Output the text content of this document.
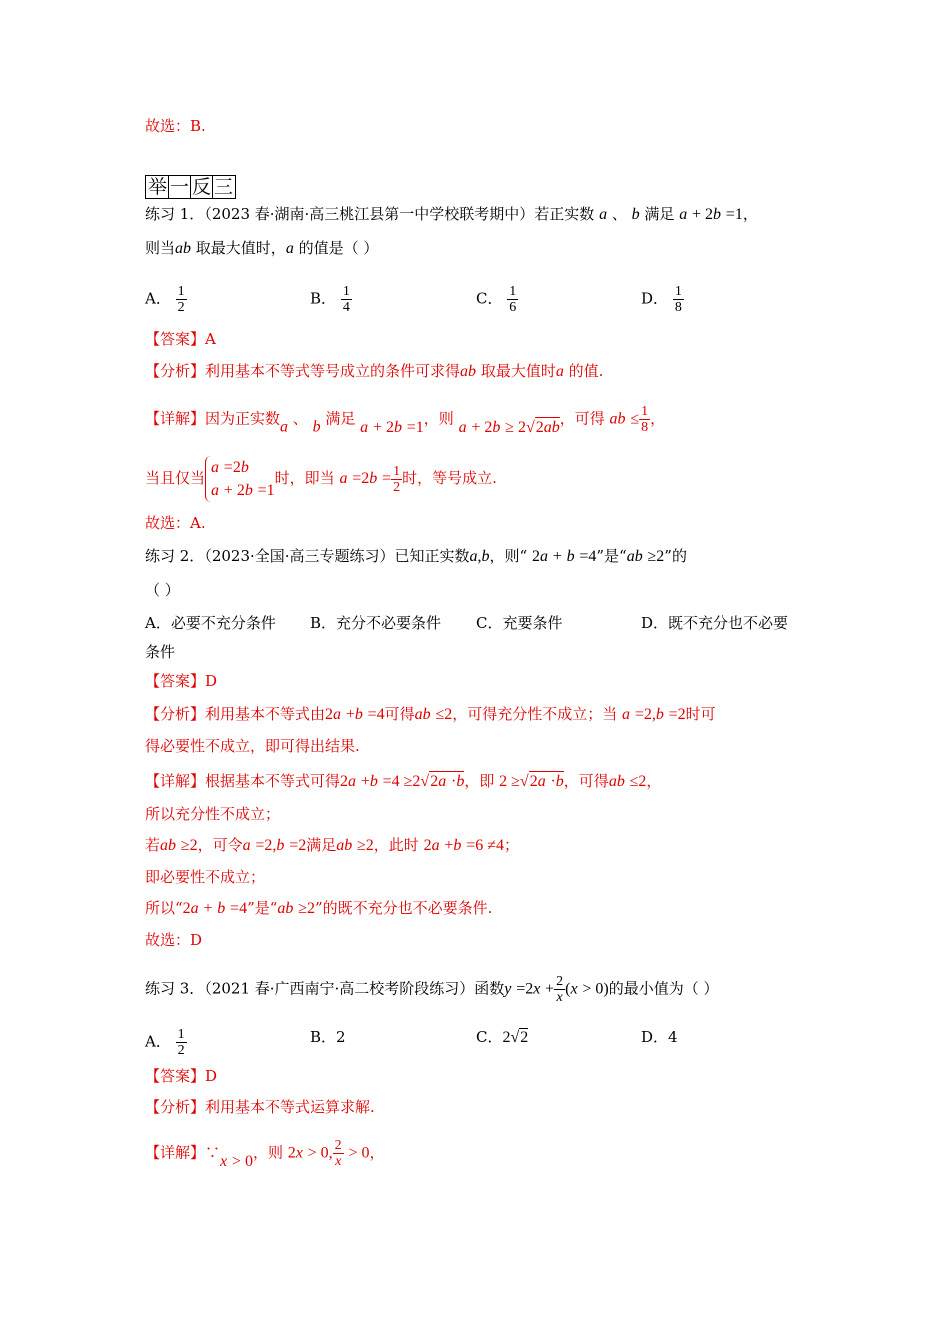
故选：B.
举 一 反 三
练习 1．（2023 春·湖南·高三桃江县第一中学校联考期中）若正实数 a 、 b 满足 a + 2b =1，
则当ab 取最大值时，a 的值是（ ）
A． $\frac{1}{2}$	B． $\frac{1}{4}$	C． $\frac{1}{6}$	D． $\frac{1}{8}$
【答案】A
【分析】利用基本不等式等号成立的条件可求得ab 取最大值时a 的值.
【详解】因为正实数a 、 b 满足 a + 2b =1，则 a + 2b ≥ 2√2ab，可得 ab ≤ $\frac{1}{8}$ ，
当且仅当a =2b
a + 2b =1时，即当 $a =2b = \frac{1}{2}$ 时，等号成立.
故选：A.
练习 2．（2023·全国·高三专题练习）已知正实数a,b，则“ 2a + b =4”是“ab ≥2”的
（ ）
A．必要不充分条件 B．充分不必要条件 C．充要条件	D．既不充分也不必要
条件
【答案】D
【分析】利用基本不等式由2a +b =4可得ab ≤2，可得充分性不成立；当 a =2,b =2时可
得必要性不成立，即可得出结果.
【详解】根据基本不等式可得2a +b =4 ≥2√2a ·b，即 2 ≥√2a ·b，可得ab ≤2，
所以充分性不成立；
若ab ≥2，可令a =2,b =2满足ab ≥2，此时 2a +b =6 ≠4；
即必要性不成立；
所以“2a + b =4”是“ab ≥2”的既不充分也不必要条件.
故选：D
练习 3．（2021 春·广西南宁·高二校考阶段练习）函数$y =2x + \frac{2}{x} (x > 0)$的最小值为（ ）
A． $\frac{1}{2}$	B．2	C．2√2	D．4
【答案】D
【分析】利用基本不等式运算求解.
【详解】∵x > 0，则 2x > 0, $\frac{2}{x} > 0$，
